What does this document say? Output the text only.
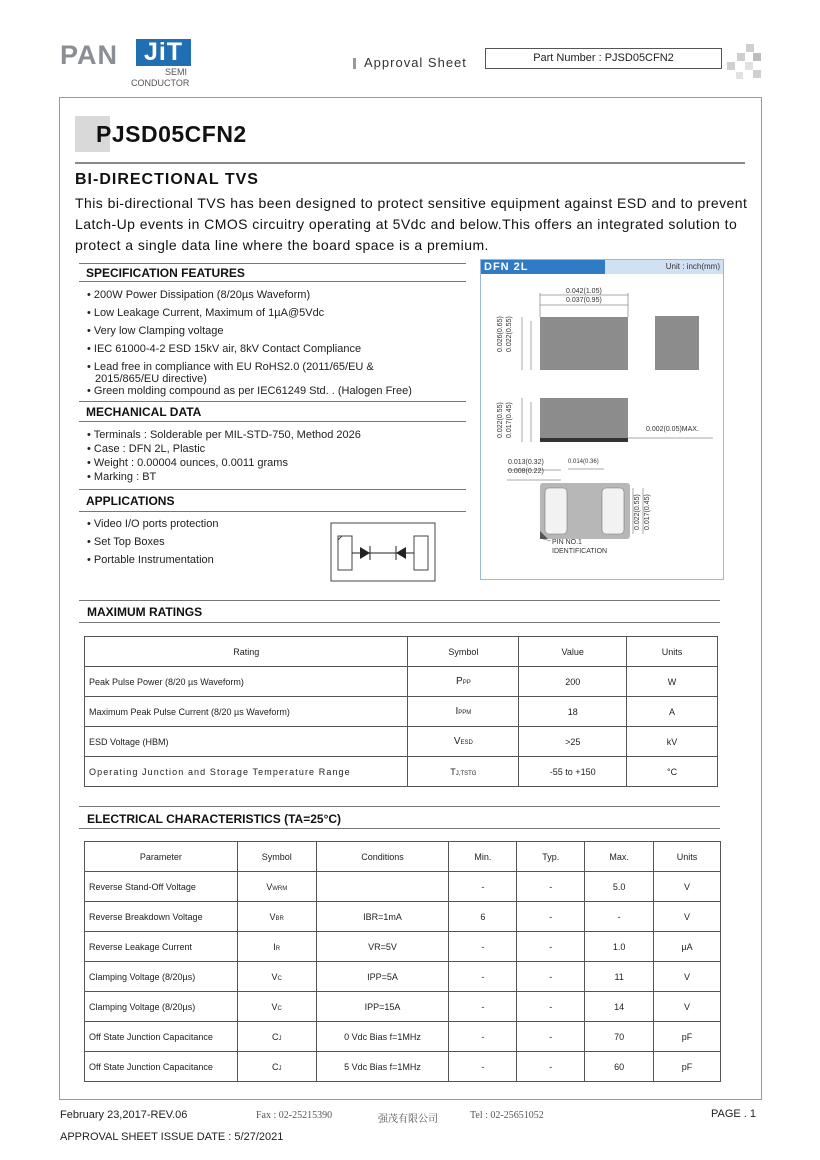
PAN	JiT
SEMI
CONDUCTOR
Approval Sheet	Part Number : PJSD05CFN2
PJSD05CFN2
BI-DIRECTIONAL TVS
This bi-directional TVS has been designed to protect sensitive equipment against ESD and to prevent Latch-Up events in CMOS circuitry operating at 5Vdc and below.This offers an integrated solution to protect a single data line where the board space is a premium.
SPECIFICATION FEATURES
• 200W Power Dissipation (8/20µs Waveform)
• Low Leakage Current, Maximum of 1µA@5Vdc
• Very low Clamping voltage
• IEC 61000-4-2 ESD 15kV air, 8kV Contact Compliance
• Lead free in compliance with EU RoHS2.0 (2011/65/EU &
2015/865/EU directive)
• Green molding compound as per IEC61249 Std. . (Halogen Free)
MECHANICAL DATA
• Terminals : Solderable per MIL-STD-750, Method 2026
• Case : DFN 2L, Plastic
• Weight : 0.00004 ounces, 0.0011 grams
• Marking : BT
APPLICATIONS
• Video I/O ports protection
• Set Top Boxes
• Portable Instrumentation
DFN 2L	Unit : inch(mm)
0.042(1.05)
0.037(0.95)
0.026(0.65) 0.022(0.55)
0.022(0.55) 0.017(0.45)	0.002(0.05)MAX.
0.013(0.32)
0.008(0.22)
0.014(0.36)
0.022(0.55) 0.017(0.45)
PIN NO.1
IDENTIFICATION
MAXIMUM RATINGS
Rating	Symbol	Value	Units
Peak Pulse Power (8/20 µs Waveform)	PPP	200	W
Maximum Peak Pulse Current (8/20 µs Waveform)	IPPM	18	A
ESD Voltage (HBM)	VESD	>25	kV
Operating Junction and Storage Temperature Range	TJ,TSTG	-55 to +150	°C
ELECTRICAL CHARACTERISTICS (TA=25°C)
Parameter	Symbol	Conditions	Min.	Typ.	Max.	Units
Reverse Stand-Off Voltage	VWRM		-	-	5.0	V
Reverse Breakdown Voltage	VBR	IBR=1mA	6	-	-	V
Reverse Leakage Current	IR	VR=5V	-	-	1.0	µA
Clamping Voltage (8/20µs)	VC	IPP=5A	-	-	11	V
Clamping Voltage (8/20µs)	VC	IPP=15A	-	-	14	V
Off State Junction Capacitance	CJ	0 Vdc Bias f=1MHz	-	-	70	pF
Off State Junction Capacitance	CJ	5 Vdc Bias f=1MHz	-	-	60	pF
February 23,2017-REV.06	Fax : 02-25215390	强茂有限公司	Tel : 02-25651052	PAGE . 1
APPROVAL SHEET ISSUE DATE : 5/27/2021
